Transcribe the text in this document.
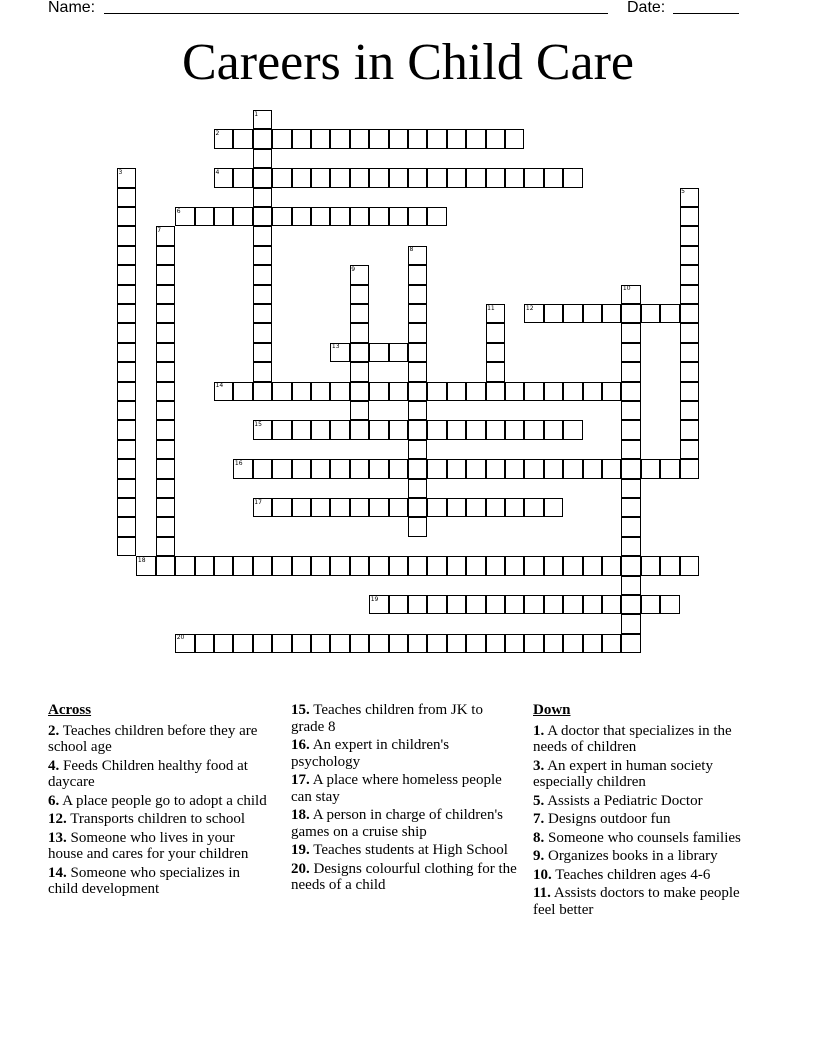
Name:	Date:
Careers in Child Care
1
2
3	4
5
6
7
8
9
10
11	12
13
14
15
16
17
18
19
20
Across
2. Teaches children before they are school age
4. Feeds Children healthy food at daycare
6. A place people go to adopt a child
12. Transports children to school
13. Someone who lives in your house and cares for your children
14. Someone who specializes in child development
15. Teaches children from JK to grade 8
16. An expert in children's psychology
17. A place where homeless people can stay
18. A person in charge of children's games on a cruise ship
19. Teaches students at High School
20. Designs colourful clothing for the needs of a child
Down
1. A doctor that specializes in the needs of children
3. An expert in human society especially children
5. Assists a Pediatric Doctor
7. Designs outdoor fun
8. Someone who counsels families
9. Organizes books in a library
10. Teaches children ages 4-6
11. Assists doctors to make people feel better
